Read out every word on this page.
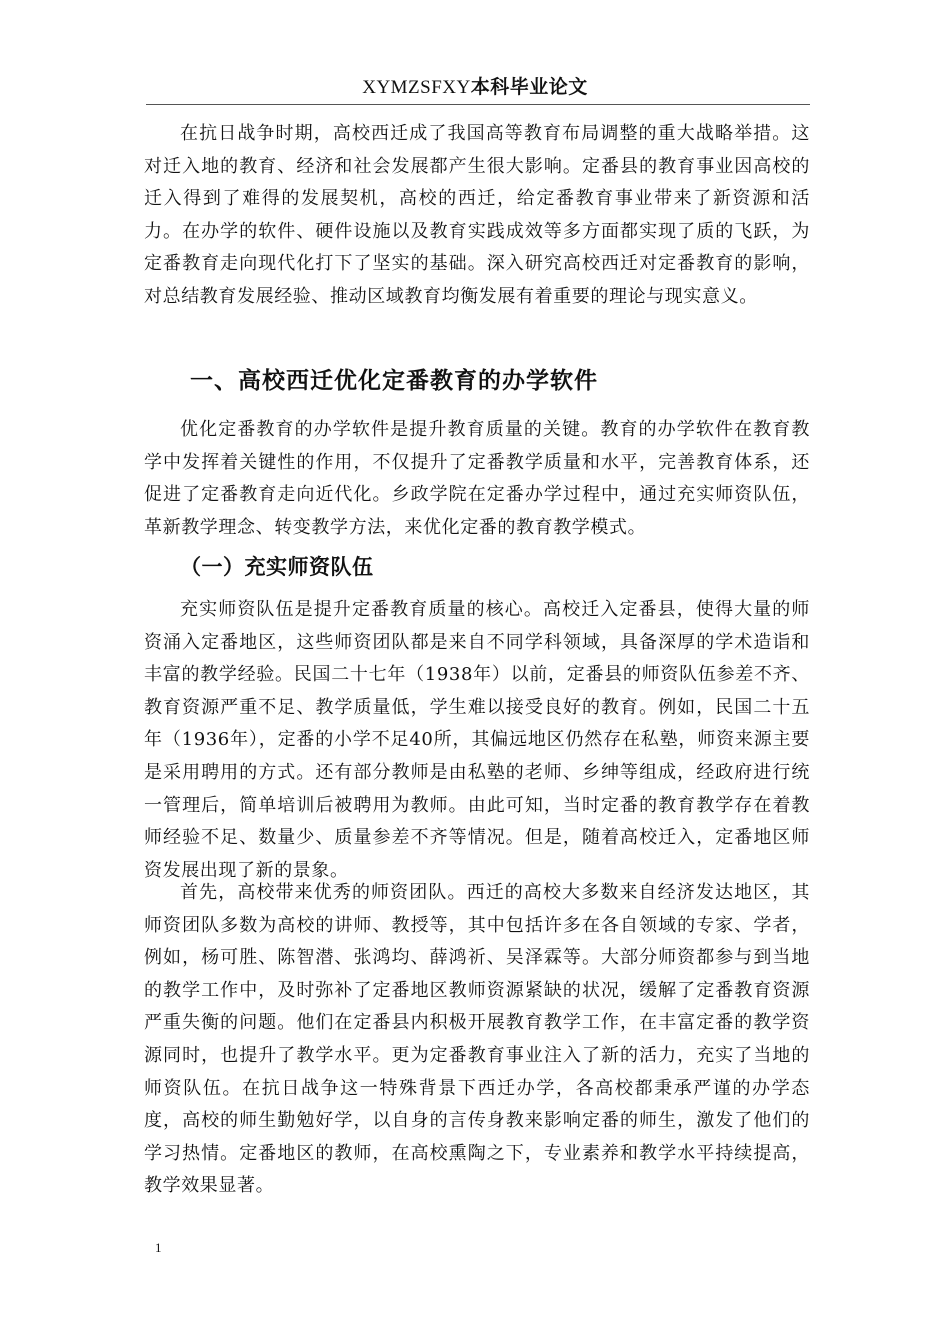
XYMZSFXY本科毕业论文

在抗日战争时期，高校西迁成了我国高等教育布局调整的重大战略举措。这对迁入地的教育、经济和社会发展都产生很大影响。定番县的教育事业因高校的迁入得到了难得的发展契机，高校的西迁，给定番教育事业带来了新资源和活力。在办学的软件、硬件设施以及教育实践成效等多方面都实现了质的飞跃，为定番教育走向现代化打下了坚实的基础。深入研究高校西迁对定番教育的影响，对总结教育发展经验、推动区域教育均衡发展有着重要的理论与现实意义。

一、高校西迁优化定番教育的办学软件

优化定番教育的办学软件是提升教育质量的关键。教育的办学软件在教育教学中发挥着关键性的作用，不仅提升了定番教学质量和水平，完善教育体系，还促进了定番教育走向近代化。乡政学院在定番办学过程中，通过充实师资队伍，革新教学理念、转变教学方法，来优化定番的教育教学模式。

（一）充实师资队伍

充实师资队伍是提升定番教育质量的核心。高校迁入定番县，使得大量的师资涌入定番地区，这些师资团队都是来自不同学科领域，具备深厚的学术造诣和丰富的教学经验。民国二十七年（1938年）以前，定番县的师资队伍参差不齐、教育资源严重不足、教学质量低，学生难以接受良好的教育。例如，民国二十五年（1936年），定番的小学不足40所，其偏远地区仍然存在私塾，师资来源主要是采用聘用的方式。还有部分教师是由私塾的老师、乡绅等组成，经政府进行统一管理后，简单培训后被聘用为教师。由此可知，当时定番的教育教学存在着教师经验不足、数量少、质量参差不齐等情况。但是，随着高校迁入，定番地区师资发展出现了新的景象。

首先，高校带来优秀的师资团队。西迁的高校大多数来自经济发达地区，其师资团队多数为高校的讲师、教授等，其中包括许多在各自领域的专家、学者，例如，杨可胜、陈智潜、张鸿均、薛鸿祈、吴泽霖等。大部分师资都参与到当地的教学工作中，及时弥补了定番地区教师资源紧缺的状况，缓解了定番教育资源严重失衡的问题。他们在定番县内积极开展教育教学工作，在丰富定番的教学资源同时，也提升了教学水平。更为定番教育事业注入了新的活力，充实了当地的师资队伍。在抗日战争这一特殊背景下西迁办学，各高校都秉承严谨的办学态度，高校的师生勤勉好学，以自身的言传身教来影响定番的师生，激发了他们的学习热情。定番地区的教师，在高校熏陶之下，专业素养和教学水平持续提高，教学效果显著。

1
